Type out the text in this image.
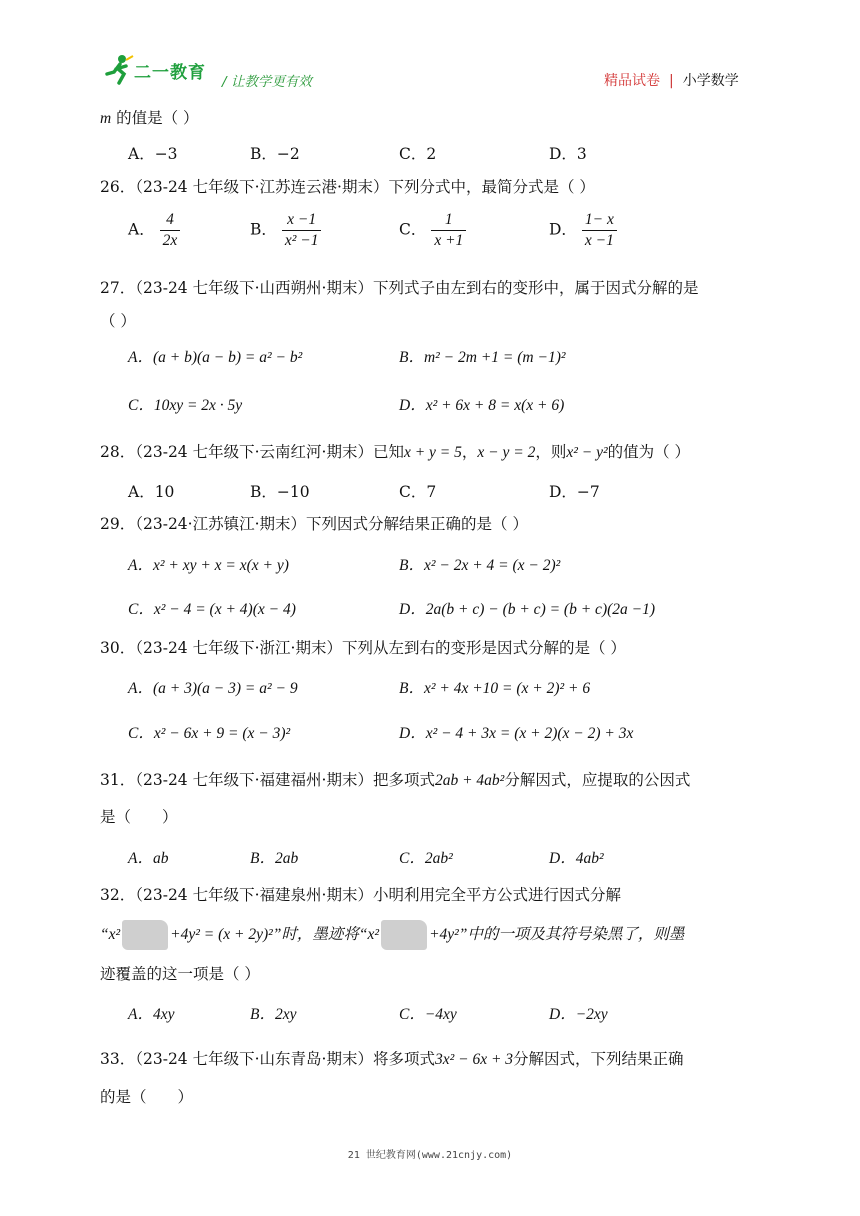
二一教育 / 让教学更有效	精品试卷 | 小学数学
m 的值是（ ）
A．−3	B．−2	C．2	D．3
26．（23-24 七年级下·江苏连云港·期末）下列分式中，最简分式是（ ）
A． $\frac{4}{2x}$	B． $\frac{x -1}{\text{x² −1}}$	C． $\frac{1}{x +1}$	D． $\frac{1- x}{x -1}$
27．（23-24 七年级下·山西朔州·期末）下列式子由左到右的变形中，属于因式分解的是
（ ）
A．(a + b)(a − b) = a² − b²	B．m² − 2m +1 = (m −1)²
C．10xy = 2x · 5y	D．x² + 6x + 8 = x(x + 6)
28．（23-24 七年级下·云南红河·期末）已知x + y = 5，x − y = 2，则x² − y²的值为（ ）
A．10	B．−10	C．7	D．−7
29．（23-24·江苏镇江·期末）下列因式分解结果正确的是（ ）
A．x² + xy + x = x(x + y)	B．x² − 2x + 4 = (x − 2)²
C．x² − 4 = (x + 4)(x − 4)	D．2a(b + c) − (b + c) = (b + c)(2a −1)
30．（23-24 七年级下·浙江·期末）下列从左到右的变形是因式分解的是（ ）
A．(a + 3)(a − 3) = a² − 9	B．x² + 4x +10 = (x + 2)² + 6
C．x² − 6x + 9 = (x − 3)²	D．x² − 4 + 3x = (x + 2)(x − 2) + 3x
31．（23-24 七年级下·福建福州·期末）把多项式2ab + 4ab²分解因式，应提取的公因式
是（　　）
A．ab	B．2ab	C．2ab²	D．4ab²
32．（23-24 七年级下·福建泉州·期末）小明利用完全平方公式进行因式分解
“x²	+4y² = (x + 2y)²”时，墨迹将“x²	+4y²”中的一项及其符号染黑了，则墨
迹覆盖的这一项是（ ）
A．4xy	B．2xy	C．−4xy	D．−2xy
33．（23-24 七年级下·山东青岛·期末）将多项式3x² − 6x + 3分解因式，下列结果正确
的是（　　）
21 世纪教育网(www.21cnjy.com)
